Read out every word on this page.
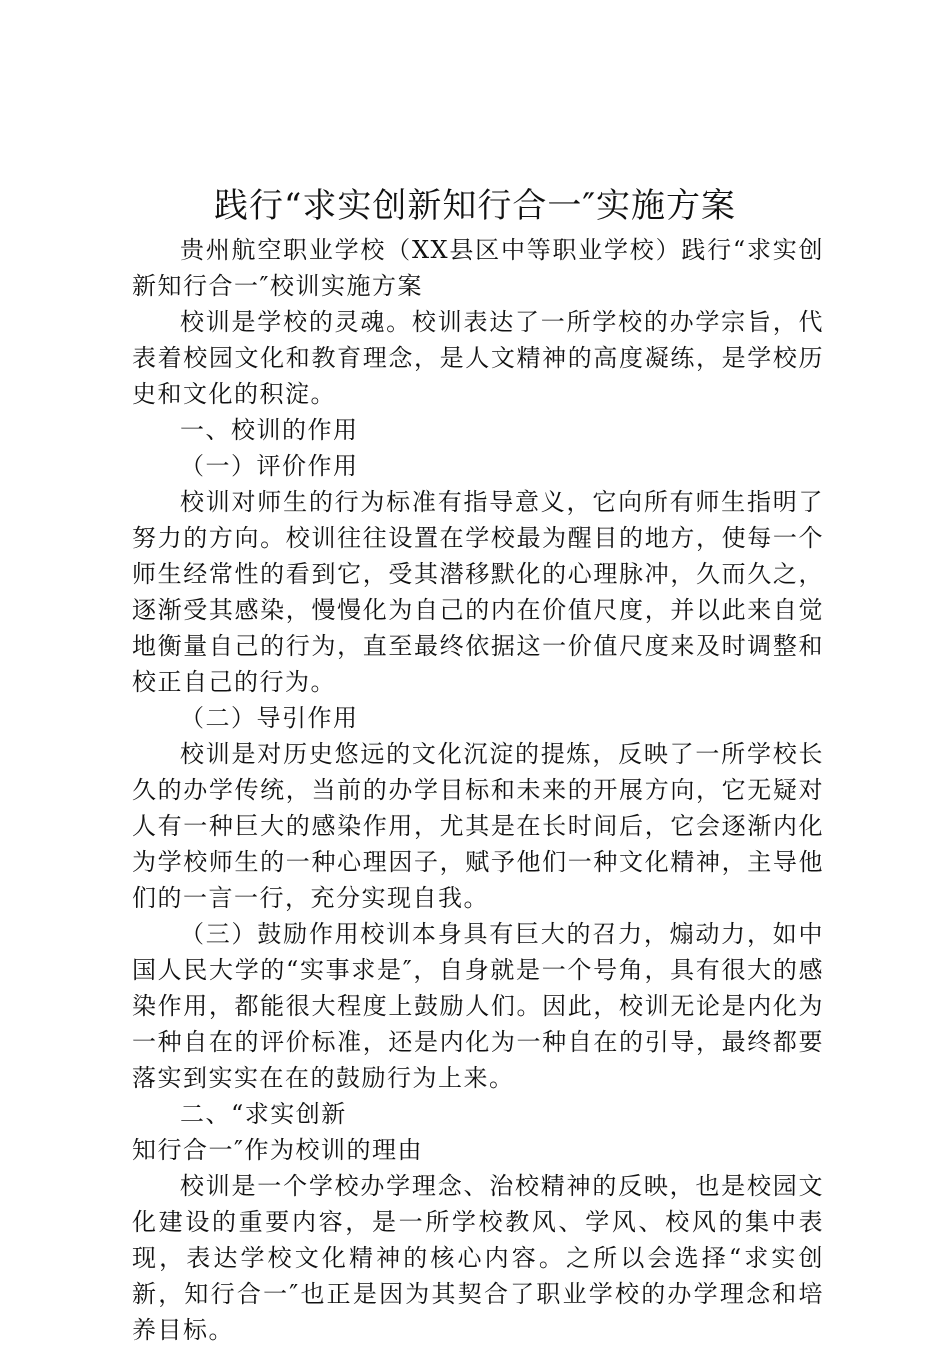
践行“求实创新知行合一″实施方案

贵州航空职业学校（XX县区中等职业学校）践行“求实创新知行合一″校训实施方案

校训是学校的灵魂。校训表达了一所学校的办学宗旨，代表着校园文化和教育理念，是人文精神的高度凝练，是学校历史和文化的积淀。

一、校训的作用

（一）评价作用

校训对师生的行为标准有指导意义，它向所有师生指明了努力的方向。校训往往设置在学校最为醒目的地方，使每一个师生经常性的看到它，受其潜移默化的心理脉冲，久而久之，逐渐受其感染，慢慢化为自己的内在价值尺度，并以此来自觉地衡量自己的行为，直至最终依据这一价值尺度来及时调整和校正自己的行为。

（二）导引作用

校训是对历史悠远的文化沉淀的提炼，反映了一所学校长久的办学传统，当前的办学目标和未来的开展方向，它无疑对人有一种巨大的感染作用，尤其是在长时间后，它会逐渐内化为学校师生的一种心理因子，赋予他们一种文化精神，主导他们的一言一行，充分实现自我。

（三）鼓励作用校训本身具有巨大的召力，煽动力，如中国人民大学的“实事求是″，自身就是一个号角，具有很大的感染作用，都能很大程度上鼓励人们。因此，校训无论是内化为一种自在的评价标准，还是内化为一种自在的引导，最终都要落实到实实在在的鼓励行为上来。

二、“求实创新

知行合一″作为校训的理由

校训是一个学校办学理念、治校精神的反映，也是校园文化建设的重要内容，是一所学校教风、学风、校风的集中表现，表达学校文化精神的核心内容。之所以会选择“求实创新，知行合一″也正是因为其契合了职业学校的办学理念和培养目标。
